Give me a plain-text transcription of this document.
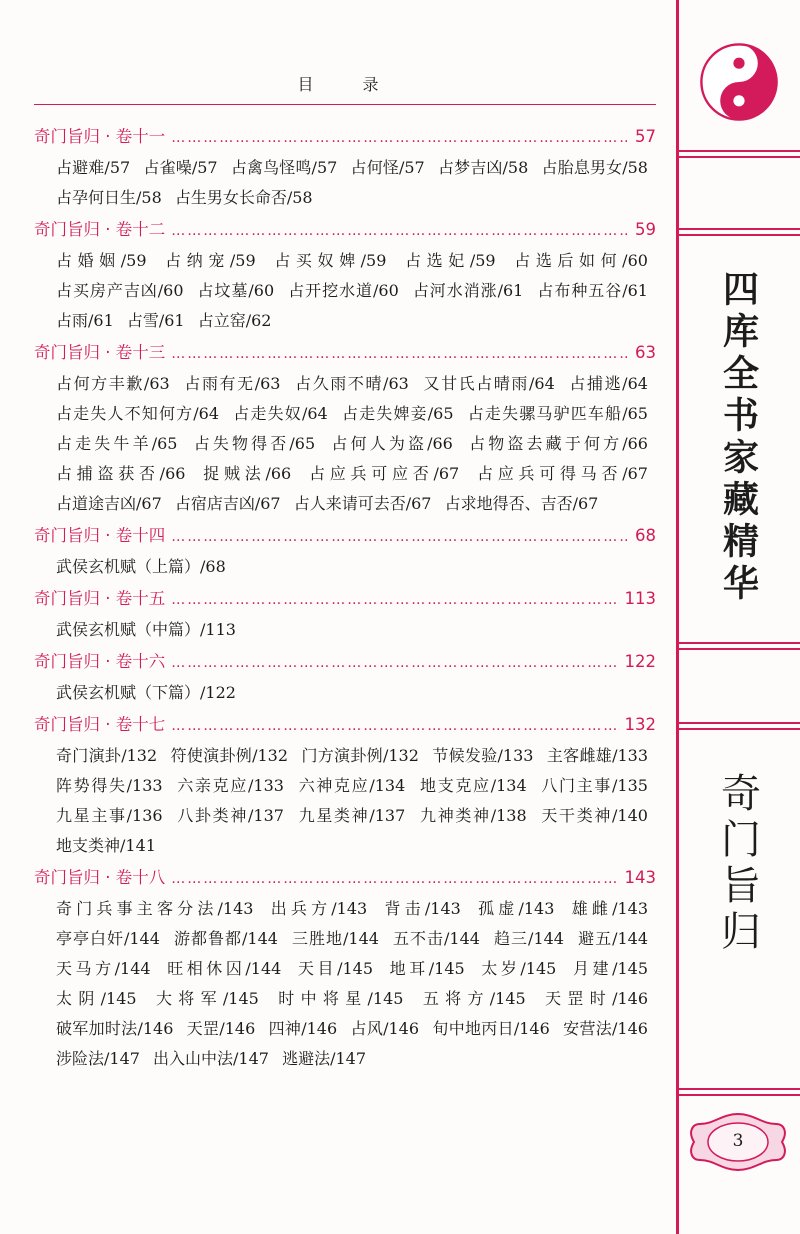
目 录
奇门旨归 · 卷十一 ………………………………………………………………………………………………………………………………………………	57
占避难/57 占雀噪/57 占禽鸟怪鸣/57 占何怪/57 占梦吉凶/58 占胎息男女/58 占孕何日生/58 占生男女长命否/58
奇门旨归 · 卷十二 ………………………………………………………………………………………………………………………………………………	59
占婚姻/59 占纳宠/59 占买奴婢/59 占选妃/59 占选后如何/60 占买房产吉凶/60 占坟墓/60 占开挖水道/60 占河水消涨/61 占布种五谷/61 占雨/61 占雪/61 占立窑/62
奇门旨归 · 卷十三 ………………………………………………………………………………………………………………………………………………	63
占何方丰歉/63 占雨有无/63 占久雨不晴/63 又甘氏占晴雨/64 占捕逃/64 占走失人不知何方/64 占走失奴/64 占走失婢妾/65 占走失骡马驴匹车船/65 占走失牛羊/65 占失物得否/65 占何人为盗/66 占物盗去藏于何方/66 占捕盗获否/66 捉贼法/66 占应兵可应否/67 占应兵可得马否/67 占道途吉凶/67 占宿店吉凶/67 占人来请可去否/67 占求地得否、吉否/67
奇门旨归 · 卷十四 ………………………………………………………………………………………………………………………………………………	68
武侯玄机赋（上篇）/68
奇门旨归 · 卷十五 ………………………………………………………………………………………………………………………………………………	113
武侯玄机赋（中篇）/113
奇门旨归 · 卷十六 ………………………………………………………………………………………………………………………………………………	122
武侯玄机赋（下篇）/122
奇门旨归 · 卷十七 ………………………………………………………………………………………………………………………………………………	132
奇门演卦/132 符使演卦例/132 门方演卦例/132 节候发验/133 主客雌雄/133 阵势得失/133 六亲克应/133 六神克应/134 地支克应/134 八门主事/135 九星主事/136 八卦类神/137 九星类神/137 九神类神/138 天干类神/140 地支类神/141
奇门旨归 · 卷十八 ………………………………………………………………………………………………………………………………………………	143
奇门兵事主客分法/143 出兵方/143 背击/143 孤虚/143 雄雌/143 亭亭白奸/144 游都鲁都/144 三胜地/144 五不击/144 趋三/144 避五/144 天马方/144 旺相休囚/144 天目/145 地耳/145 太岁/145 月建/145 太阴/145 大将军/145 时中将星/145 五将方/145 天罡时/146 破军加时法/146 天罡/146 四神/146 占风/146 旬中地丙日/146 安营法/146 涉险法/147 出入山中法/147 逃避法/147
四库全书家藏精华
奇门旨归
3
